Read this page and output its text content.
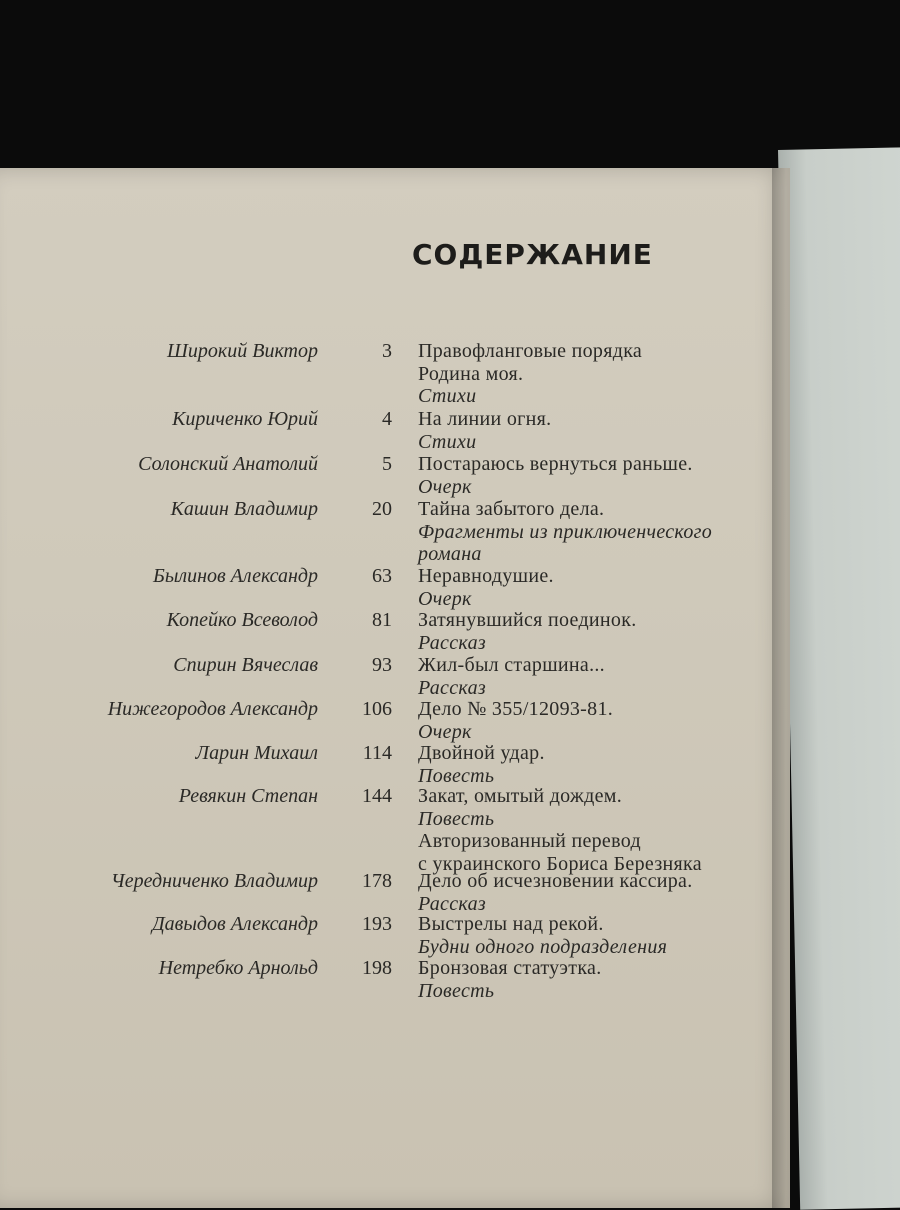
СОДЕРЖАНИЕ
Широкий Виктор	3 Правофланговые порядка
Родина моя.
Стихи
Кириченко Юрий	4 На линии огня.
Стихи
Солонский Анатолий	5 Постараюсь вернуться раньше.
Очерк
Кашин Владимир	20 Тайна забытого дела.
Фрагменты из приключенческого
романа
Былинов Александр	63 Неравнодушие.
Очерк
Копейко Всеволод	81 Затянувшийся поединок.
Рассказ
Спирин Вячеслав	93 Жил-был старшина...
Рассказ
Нижегородов Александр	106 Дело № 355/12093-81.
Очерк
Ларин Михаил	114 Двойной удар.
Повесть
Ревякин Степан	144 Закат, омытый дождем.
Повесть
Авторизованный перевод
с украинского Бориса Березняка
Чередниченко Владимир	178 Дело об исчезновении кассира.
Рассказ
Давыдов Александр	193 Выстрелы над рекой.
Будни одного подразделения
Нетребко Арнольд	198 Бронзовая статуэтка.
Повесть
